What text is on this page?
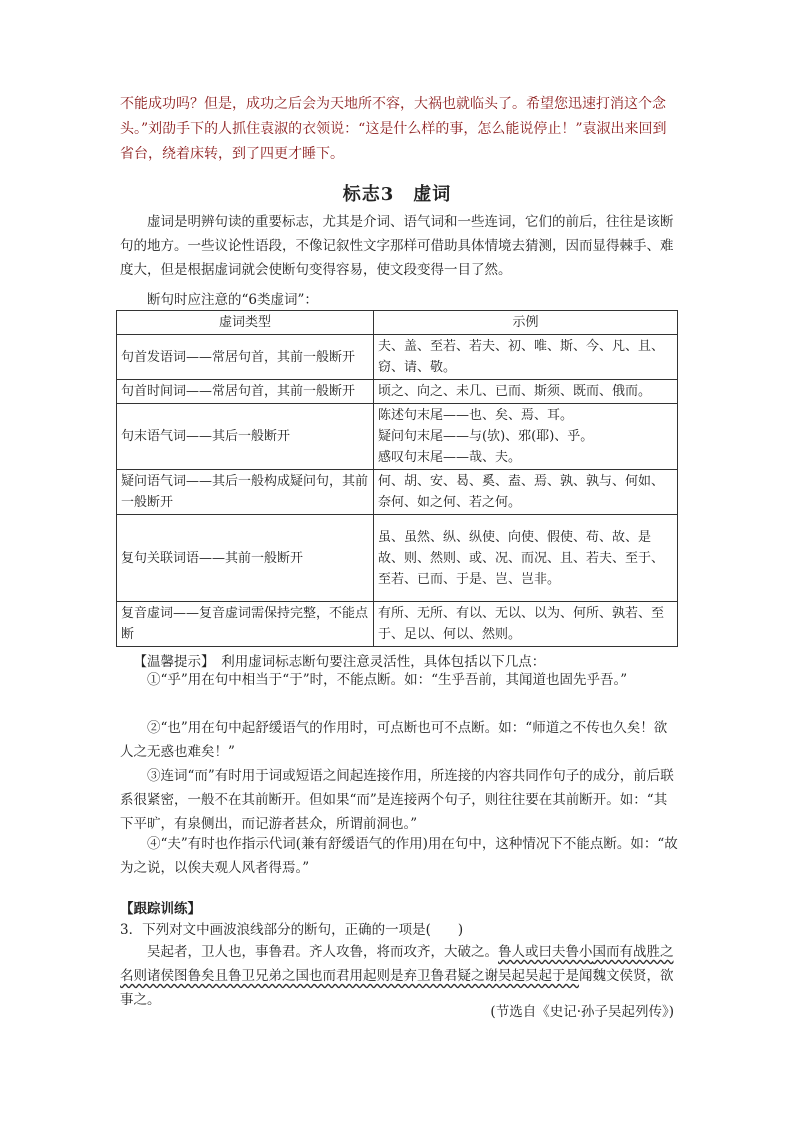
不能成功吗？但是，成功之后会为天地所不容，大祸也就临头了。希望您迅速打消这个念头。”刘劭手下的人抓住袁淑的衣领说：“这是什么样的事，怎么能说停止！”袁淑出来回到省台，绕着床转，到了四更才睡下。
标志3　虚词
虚词是明辨句读的重要标志，尤其是介词、语气词和一些连词，它们的前后，往往是该断句的地方。一些议论性语段，不像记叙性文字那样可借助具体情境去猜测，因而显得棘手、难度大，但是根据虚词就会使断句变得容易，使文段变得一目了然。
断句时应注意的“6类虚词”：
虚词类型	示例
句首发语词——常居句首，其前一般断开	夫、盖、至若、若夫、初、唯、斯、今、凡、且、窃、请、敬。
句首时间词——常居句首，其前一般断开	顷之、向之、未几、已而、斯须、既而、俄而。
句末语气词——其后一般断开	陈述句末尾——也、矣、焉、耳。
疑问句末尾——与(欤)、邪(耶)、乎。
感叹句末尾——哉、夫。

疑问语气词——其后一般构成疑问句，其前一般断开	何、胡、安、曷、奚、盍、焉、孰、孰与、何如、奈何、如之何、若之何。
复句关联词语——其前一般断开	虽、虽然、纵、纵使、向使、假使、苟、故、是故、则、然则、或、况、而况、且、若夫、至于、至若、已而、于是、岂、岂非。
复音虚词——复音虚词需保持完整，不能点断	有所、无所、有以、无以、以为、何所、孰若、至于、足以、何以、然则。
【温馨提示】　利用虚词标志断句要注意灵活性，具体包括以下几点：
①“乎”用在句中相当于“于”时，不能点断。如：“生乎吾前，其闻道也固先乎吾。”
②“也”用在句中起舒缓语气的作用时，可点断也可不点断。如：“师道之不传也久矣！欲人之无惑也难矣！”
③连词“而”有时用于词或短语之间起连接作用，所连接的内容共同作句子的成分，前后联系很紧密，一般不在其前断开。但如果“而”是连接两个句子，则往往要在其前断开。如：“其下平旷，有泉侧出，而记游者甚众，所谓前洞也。”
④“夫”有时也作指示代词(兼有舒缓语气的作用)用在句中，这种情况下不能点断。如：“故为之说，以俟夫观人风者得焉。”
【跟踪训练】
3．下列对文中画波浪线部分的断句，正确的一项是(　　)
吴起者，卫人也，事鲁君。齐人攻鲁，将而攻齐，大破之。鲁人或曰夫鲁小国而有战胜之名则诸侯图鲁矣且鲁卫兄弟之国也而君用起则是弃卫鲁君疑之谢吴起吴起于是闻魏文侯贤，欲事之。
(节选自《史记·孙子吴起列传》)
